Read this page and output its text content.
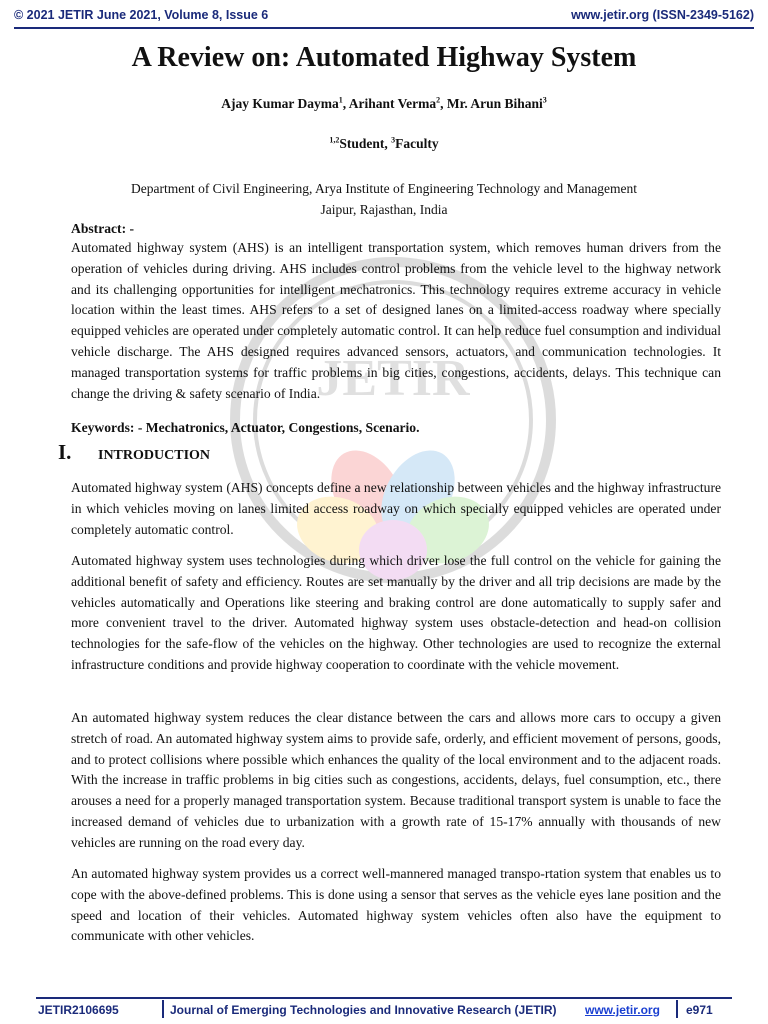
© 2021 JETIR June 2021, Volume 8, Issue 6	www.jetir.org (ISSN-2349-5162)
JETIR
A Review on: Automated Highway System
Ajay Kumar Dayma$^1$, Arihant Verma$^2$, Mr. Arun Bihani$^3$
$^{1,2}$Student, $^3$Faculty
Department of Civil Engineering, Arya Institute of Engineering Technology and Management
Jaipur, Rajasthan, India
Abstract: -
Automated highway system (AHS) is an intelligent transportation system, which removes human drivers from the operation of vehicles during driving. AHS includes control problems from the vehicle level to the highway network and its challenging opportunities for intelligent mechatronics. This technology requires extreme accuracy in vehicle location within the least times. AHS refers to a set of designed lanes on a limited-access roadway where specially equipped vehicles are operated under completely automatic control. It can help reduce fuel consumption and individual vehicle discharge. The AHS designed requires advanced sensors, actuators, and communication technologies. It managed transportation systems for traffic problems in big cities, congestions, accidents, delays. This technique can change the driving & safety scenario of India.
Keywords: - Mechatronics, Actuator, Congestions, Scenario.
I.	INTRODUCTION
Automated highway system (AHS) concepts define a new relationship between vehicles and the highway infrastructure in which vehicles moving on lanes limited access roadway on which specially equipped vehicles are operated under completely automatic control.
Automated highway system uses technologies during which driver lose the full control on the vehicle for gaining the additional benefit of safety and efficiency. Routes are set manually by the driver and all trip decisions are made by the vehicles automatically and Operations like steering and braking control are done automatically to supply safer and more convenient travel to the driver. Automated highway system uses obstacle-detection and head-on collision technologies for the safe-flow of the vehicles on the highway. Other technologies are used to recognize the external infrastructure conditions and provide highway cooperation to coordinate with the vehicle movement.
An automated highway system reduces the clear distance between the cars and allows more cars to occupy a given stretch of road. An automated highway system aims to provide safe, orderly, and efficient movement of persons, goods, and to protect collisions where possible which enhances the quality of the local environment and to the adjacent roads. With the increase in traffic problems in big cities such as congestions, accidents, delays, fuel consumption, etc., there arouses a need for a properly managed transportation system. Because traditional transport system is unable to face the increased demand of vehicles due to urbanization with a growth rate of 15-17% annually with thousands of new vehicles are running on the road every day.
An automated highway system provides us a correct well-mannered managed transpo-rtation system that enables us to cope with the above-defined problems. This is done using a sensor that serves as the vehicle eyes lane position and the speed and location of their vehicles. Automated highway system vehicles often also have the equipment to communicate with other vehicles.
JETIR2106695	Journal of Emerging Technologies and Innovative Research (JETIR) www.jetir.org e971
